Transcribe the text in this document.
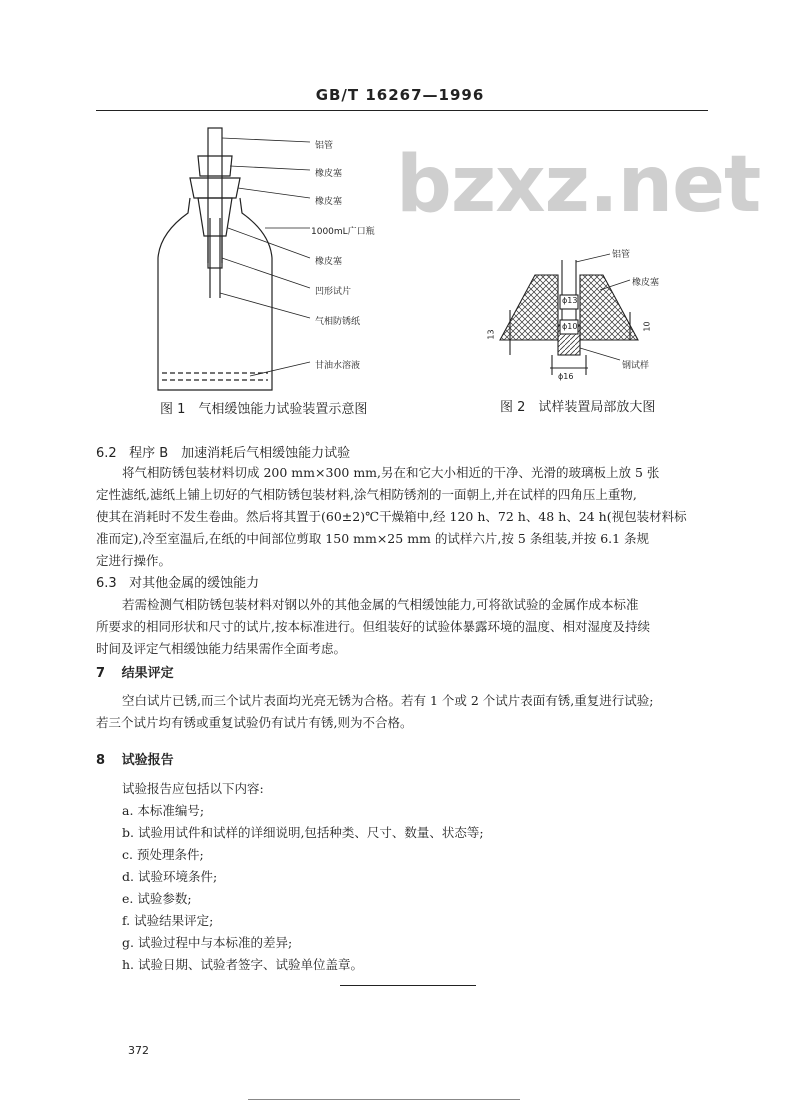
GB/T 16267—1996
bzxz.net
铝管
橡皮塞
橡皮塞
1000mL广口瓶
橡皮塞
凹形试片
气相防锈纸
甘油水溶液
图 1　气相缓蚀能力试验装置示意图
铝管
橡皮塞
钢试样
ϕ13
ϕ10
ϕ16
13
10
图 2　试样装置局部放大图
6.2 程序 B　加速消耗后气相缓蚀能力试验
将气相防锈包装材料切成 200 mm×300 mm,另在和它大小相近的干净、光滑的玻璃板上放 5 张
定性滤纸,滤纸上铺上切好的气相防锈包装材料,涂气相防锈剂的一面朝上,并在试样的四角压上重物,
使其在消耗时不发生卷曲。然后将其置于(60±2)℃干燥箱中,经 120 h、72 h、48 h、24 h(视包装材料标
准而定),冷至室温后,在纸的中间部位剪取 150 mm×25 mm 的试样六片,按 5 条组装,并按 6.1 条规
定进行操作。
6.3 对其他金属的缓蚀能力
若需检测气相防锈包装材料对钢以外的其他金属的气相缓蚀能力,可将欲试验的金属作成本标准
所要求的相同形状和尺寸的试片,按本标准进行。但组装好的试验体暴露环境的温度、相对湿度及持续
时间及评定气相缓蚀能力结果需作全面考虑。
7 结果评定
空白试片已锈,而三个试片表面均光亮无锈为合格。若有 1 个或 2 个试片表面有锈,重复进行试验;
若三个试片均有锈或重复试验仍有试片有锈,则为不合格。
8 试验报告
试验报告应包括以下内容:
a. 本标准编号;
b. 试验用试件和试样的详细说明,包括种类、尺寸、数量、状态等;
c. 预处理条件;
d. 试验环境条件;
e. 试验参数;
f. 试验结果评定;
g. 试验过程中与本标准的差异;
h. 试验日期、试验者签字、试验单位盖章。
372
